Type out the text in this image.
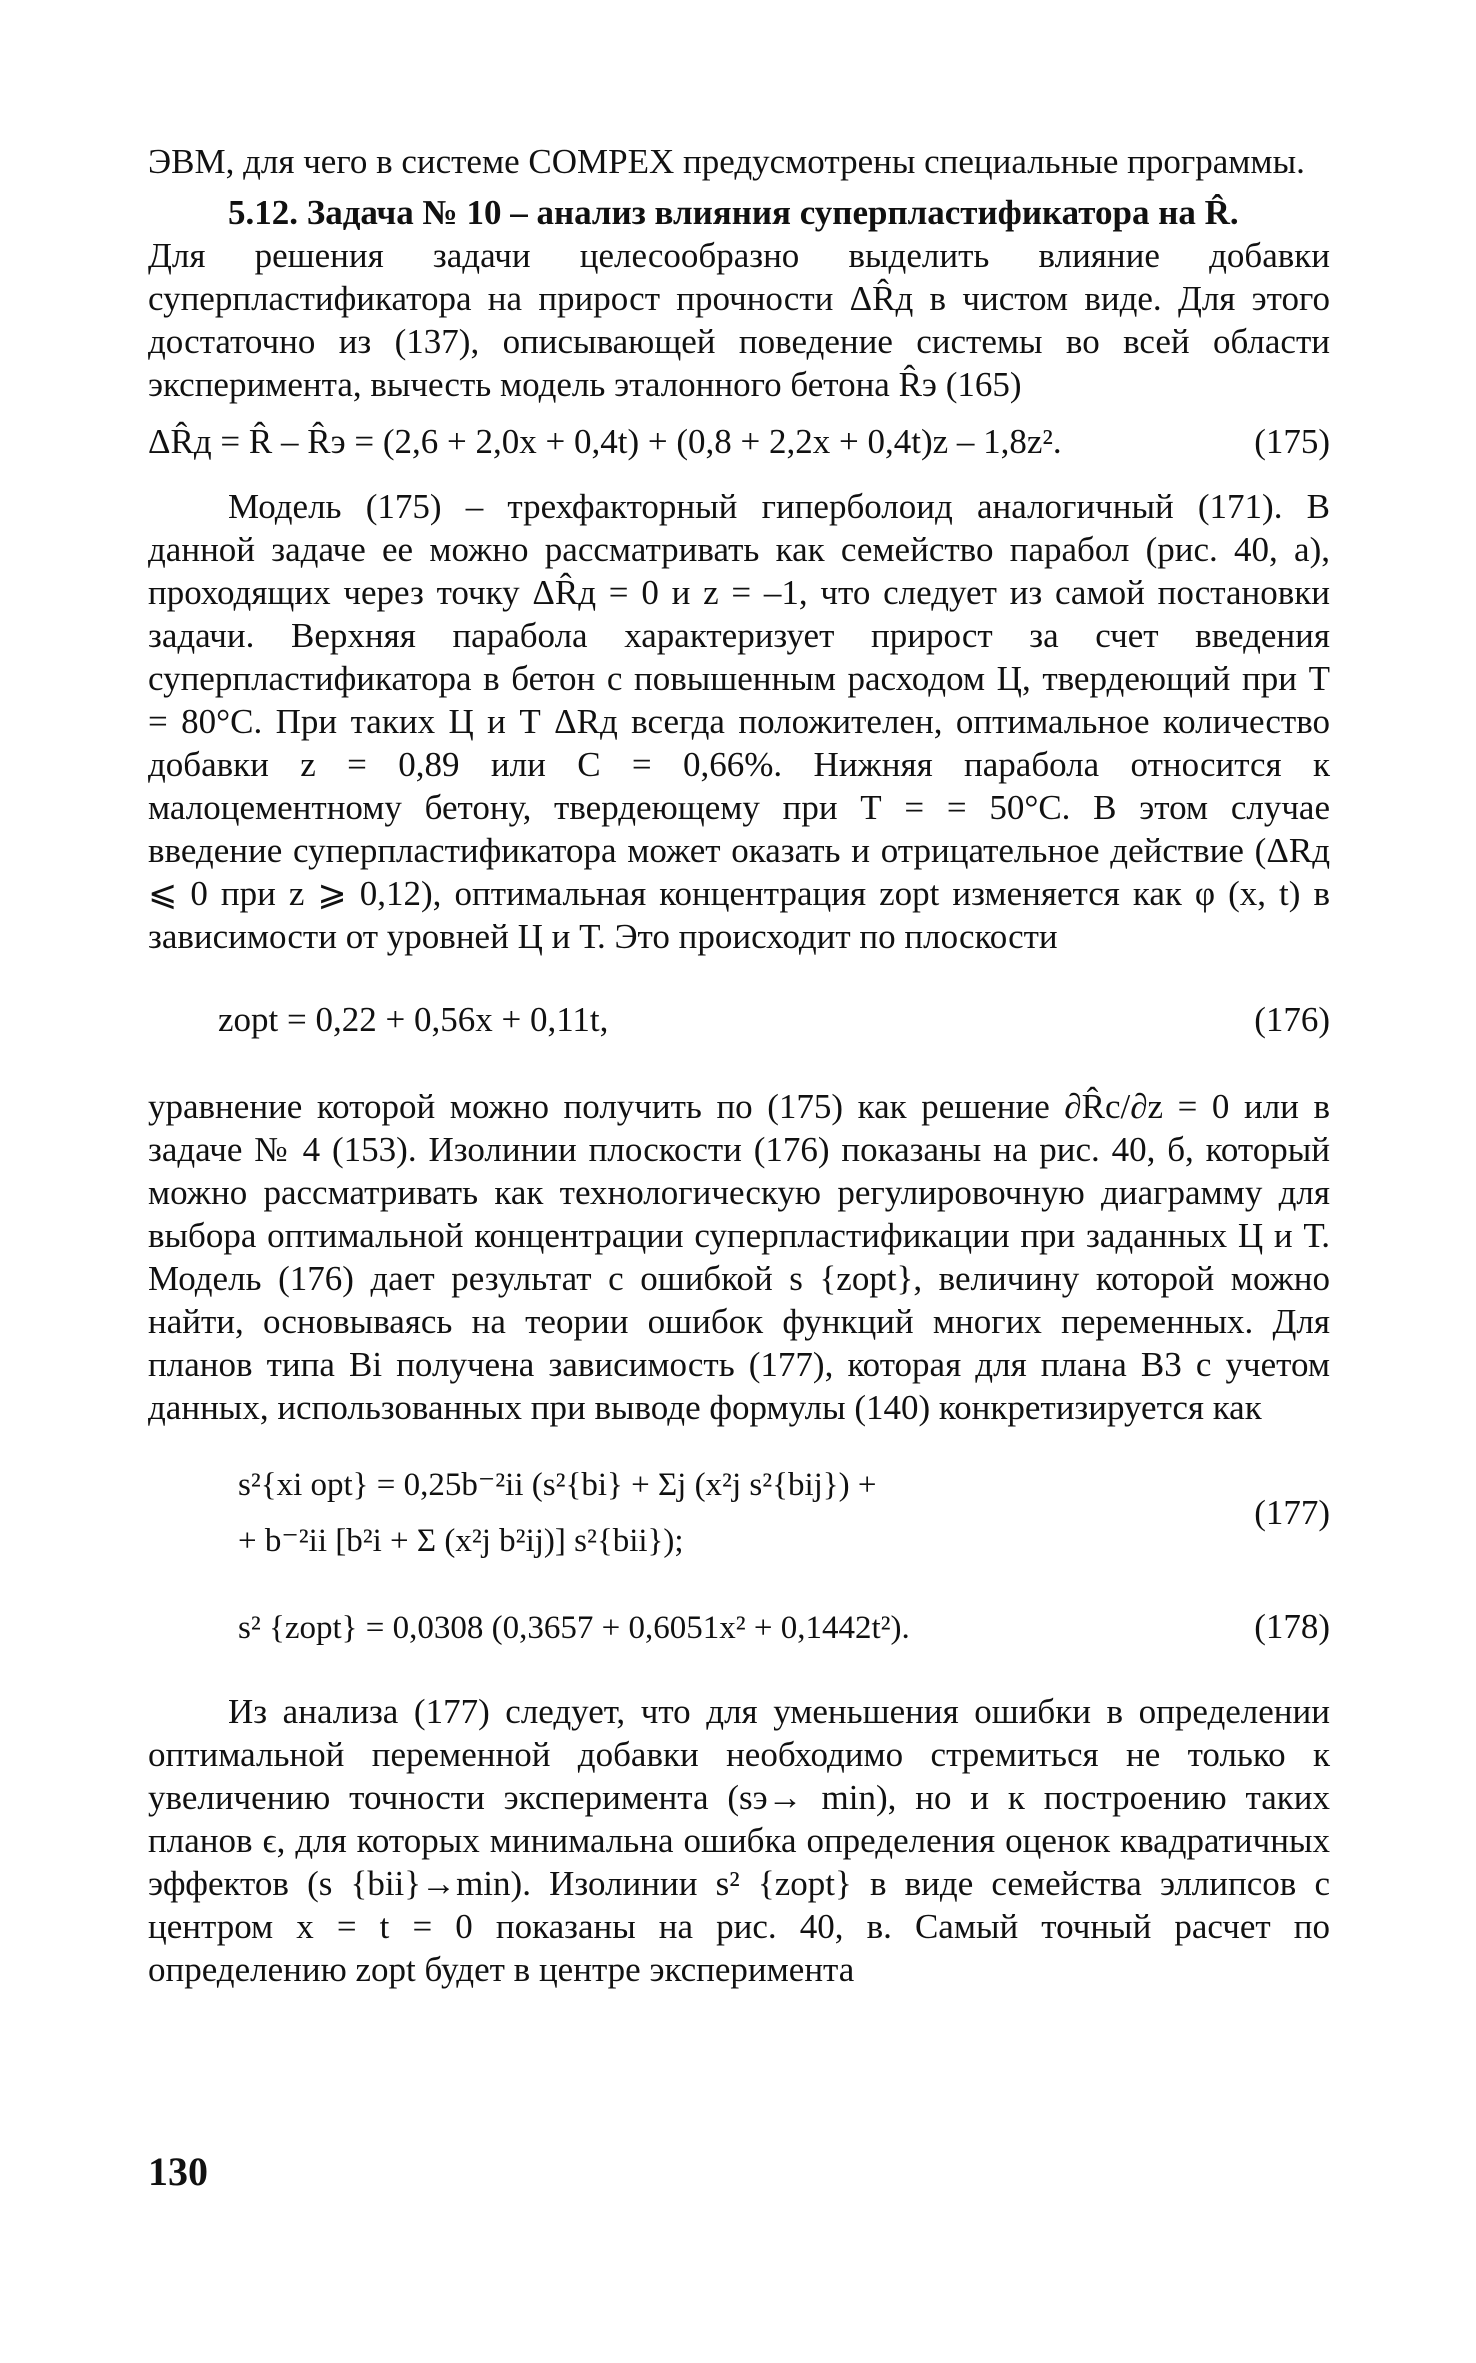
ЭВМ, для чего в системе COMPEX предусмотрены специальные программы.

5.12. Задача № 10 – анализ влияния суперпластификатора на R̂.

Для решения задачи целесообразно выделить влияние добавки суперпластификатора на прирост прочности ΔR̂д в чистом виде. Для этого достаточно из (137), описывающей поведение системы во всей области эксперимента, вычесть модель эталонного бетона R̂э (165)

ΔR̂д = R̂ – R̂э = (2,6 + 2,0x + 0,4t) + (0,8 + 2,2x + 0,4t)z – 1,8z².	(175)

Модель (175) – трехфакторный гиперболоид аналогичный (171). В данной задаче ее можно рассматривать как семейство парабол (рис. 40, а), проходящих через точку ΔR̂д = 0 и z = –1, что следует из самой постановки задачи. Верхняя парабола характеризует прирост за счет введения суперпластификатора в бетон с повышенным расходом Ц, твердеющий при Т = 80°С. При таких Ц и Т ΔRд всегда положителен, оптимальное количество добавки z = 0,89 или С = 0,66%. Нижняя парабола относится к малоцементному бетону, твердеющему при Т = = 50°С. В этом случае введение суперпластификатора может оказать и отрицательное действие (ΔRд ⩽ 0 при z ⩾ 0,12), оптимальная концентрация zopt изменяется как φ (x, t) в зависимости от уровней Ц и Т. Это происходит по плоскости

zopt = 0,22 + 0,56x + 0,11t,	(176)

уравнение которой можно получить по (175) как решение ∂R̂c/∂z = 0 или в задаче № 4 (153). Изолинии плоскости (176) показаны на рис. 40, б, который можно рассматривать как технологическую регулировочную диаграмму для выбора оптимальной концентрации суперпластификации при заданных Ц и Т. Модель (176) дает результат с ошибкой s {zopt}, величину которой можно найти, основываясь на теории ошибок функций многих переменных. Для планов типа Bi получена зависимость (177), которая для плана B3 с учетом данных, использованных при выводе формулы (140) конкретизируется как

s²{xi opt} = 0,25b⁻²ii (s²{bi} + Σj (x²j s²{bij}) +
+ b⁻²ii [b²i + Σ (x²j b²ij)] s²{bii});
(177)
s² {zopt} = 0,0308 (0,3657 + 0,6051x² + 0,1442t²).	(178)

Из анализа (177) следует, что для уменьшения ошибки в определении оптимальной переменной добавки необходимо стремиться не только к увеличению точности эксперимента (sэ→ min), но и к построению таких планов ϵ, для которых минимальна ошибка определения оценок квадратичных эффектов (s {bii}→min). Изолинии s² {zopt} в виде семейства эллипсов с центром x = t = 0 показаны на рис. 40, в. Самый точный расчет по определению zopt будет в центре эксперимента

130
